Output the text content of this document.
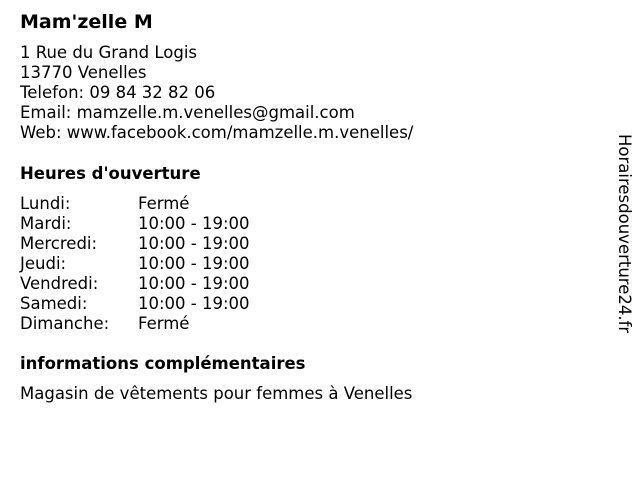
Mam'zelle M
1 Rue du Grand Logis
13770 Venelles
Telefon: 09 84 32 82 06
Email: mamzelle.m.venelles@gmail.com
Web: www.facebook.com/mamzelle.m.venelles/
Heures d'ouverture
Lundi:	Fermé
Mardi:	10:00 - 19:00
Mercredi:	10:00 - 19:00
Jeudi:	10:00 - 19:00
Vendredi:	10:00 - 19:00
Samedi:	10:00 - 19:00
Dimanche:	Fermé
informations complémentaires
Magasin de vêtements pour femmes à Venelles
Horairesdouverture24.fr
